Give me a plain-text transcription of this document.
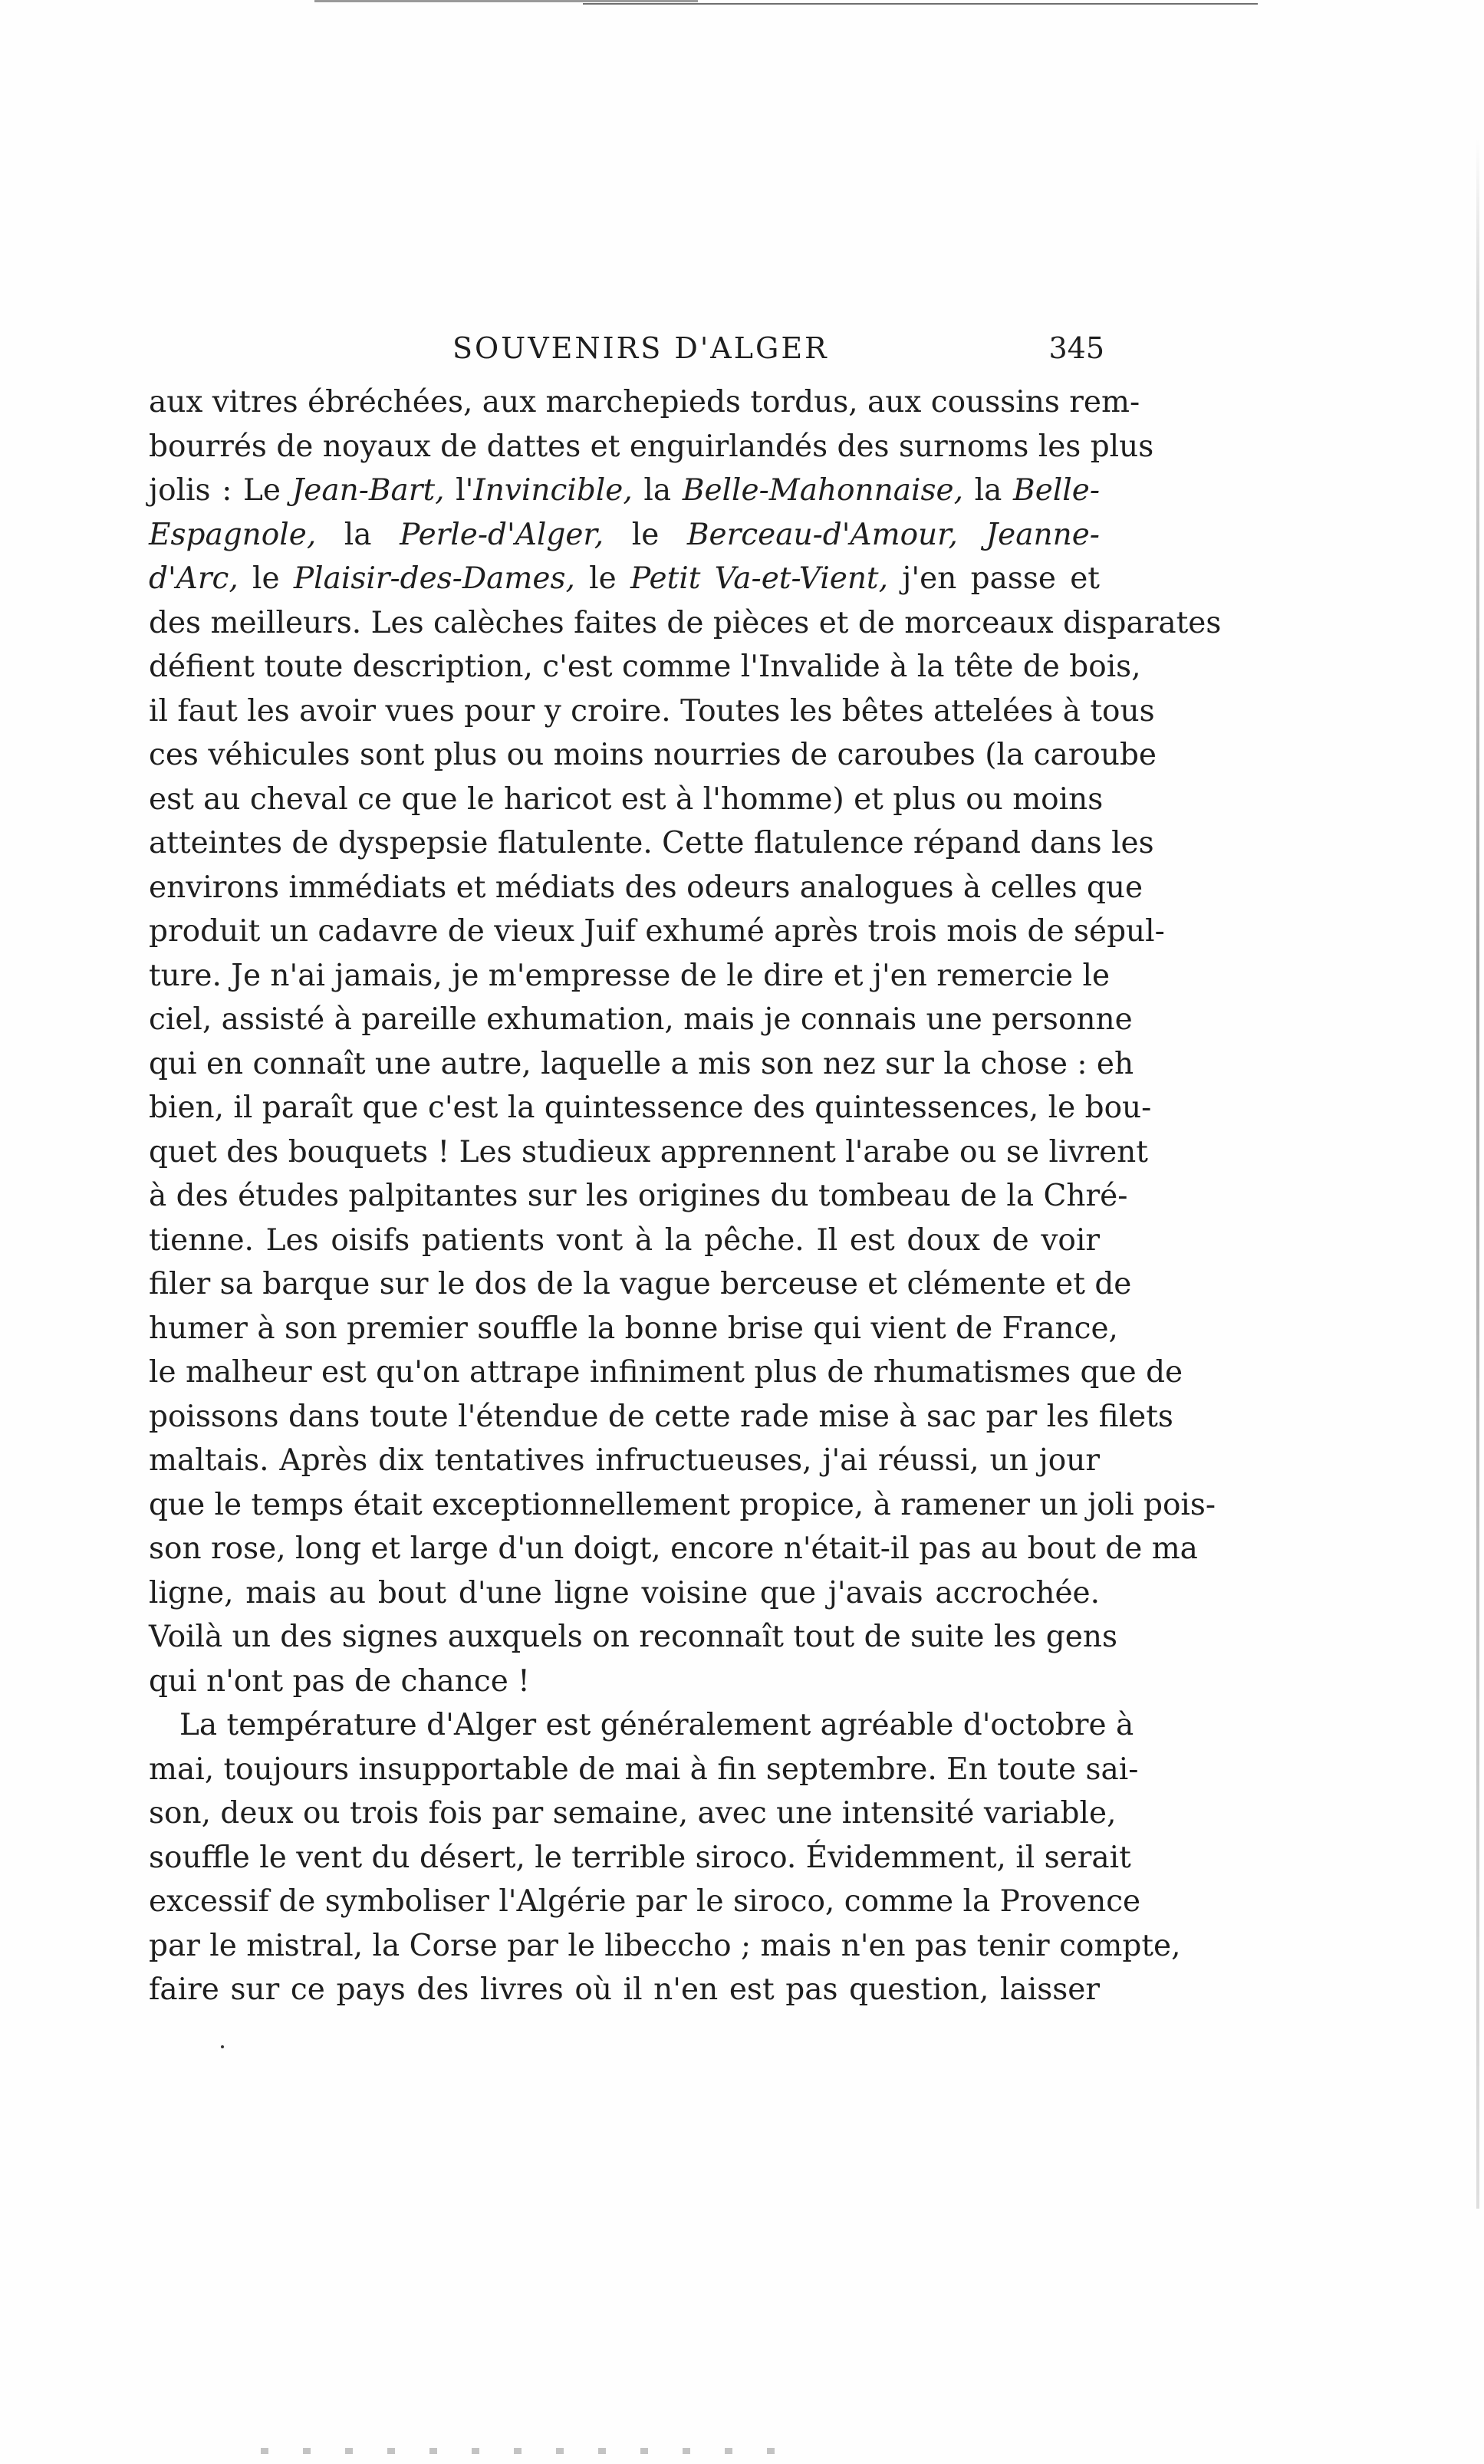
SOUVENIRS D'ALGER	345
aux vitres ébréchées, aux marchepieds tordus, aux coussins rem-
bourrés de noyaux de dattes et enguirlandés des surnoms les plus
jolis : Le Jean-Bart, l'Invincible, la Belle-Mahonnaise, la Belle-
Espagnole, la Perle-d'Alger, le Berceau-d'Amour, Jeanne-
d'Arc, le Plaisir-des-Dames, le Petit Va-et-Vient, j'en passe et
des meilleurs. Les calèches faites de pièces et de morceaux disparates
défient toute description, c'est comme l'Invalide à la tête de bois,
il faut les avoir vues pour y croire. Toutes les bêtes attelées à tous
ces véhicules sont plus ou moins nourries de caroubes (la caroube
est au cheval ce que le haricot est à l'homme) et plus ou moins
atteintes de dyspepsie flatulente. Cette flatulence répand dans les
environs immédiats et médiats des odeurs analogues à celles que
produit un cadavre de vieux Juif exhumé après trois mois de sépul-
ture. Je n'ai jamais, je m'empresse de le dire et j'en remercie le
ciel, assisté à pareille exhumation, mais je connais une personne
qui en connaît une autre, laquelle a mis son nez sur la chose : eh
bien, il paraît que c'est la quintessence des quintessences, le bou-
quet des bouquets ! Les studieux apprennent l'arabe ou se livrent
à des études palpitantes sur les origines du tombeau de la Chré-
tienne. Les oisifs patients vont à la pêche. Il est doux de voir
filer sa barque sur le dos de la vague berceuse et clémente et de
humer à son premier souffle la bonne brise qui vient de France,
le malheur est qu'on attrape infiniment plus de rhumatismes que de
poissons dans toute l'étendue de cette rade mise à sac par les filets
maltais. Après dix tentatives infructueuses, j'ai réussi, un jour
que le temps était exceptionnellement propice, à ramener un joli pois-
son rose, long et large d'un doigt, encore n'était-il pas au bout de ma
ligne, mais au bout d'une ligne voisine que j'avais accrochée.
Voilà un des signes auxquels on reconnaît tout de suite les gens
qui n'ont pas de chance !
La température d'Alger est généralement agréable d'octobre à
mai, toujours insupportable de mai à fin septembre. En toute sai-
son, deux ou trois fois par semaine, avec une intensité variable,
souffle le vent du désert, le terrible siroco. Évidemment, il serait
excessif de symboliser l'Algérie par le siroco, comme la Provence
par le mistral, la Corse par le libeccho ; mais n'en pas tenir compte,
faire sur ce pays des livres où il n'en est pas question, laisser
